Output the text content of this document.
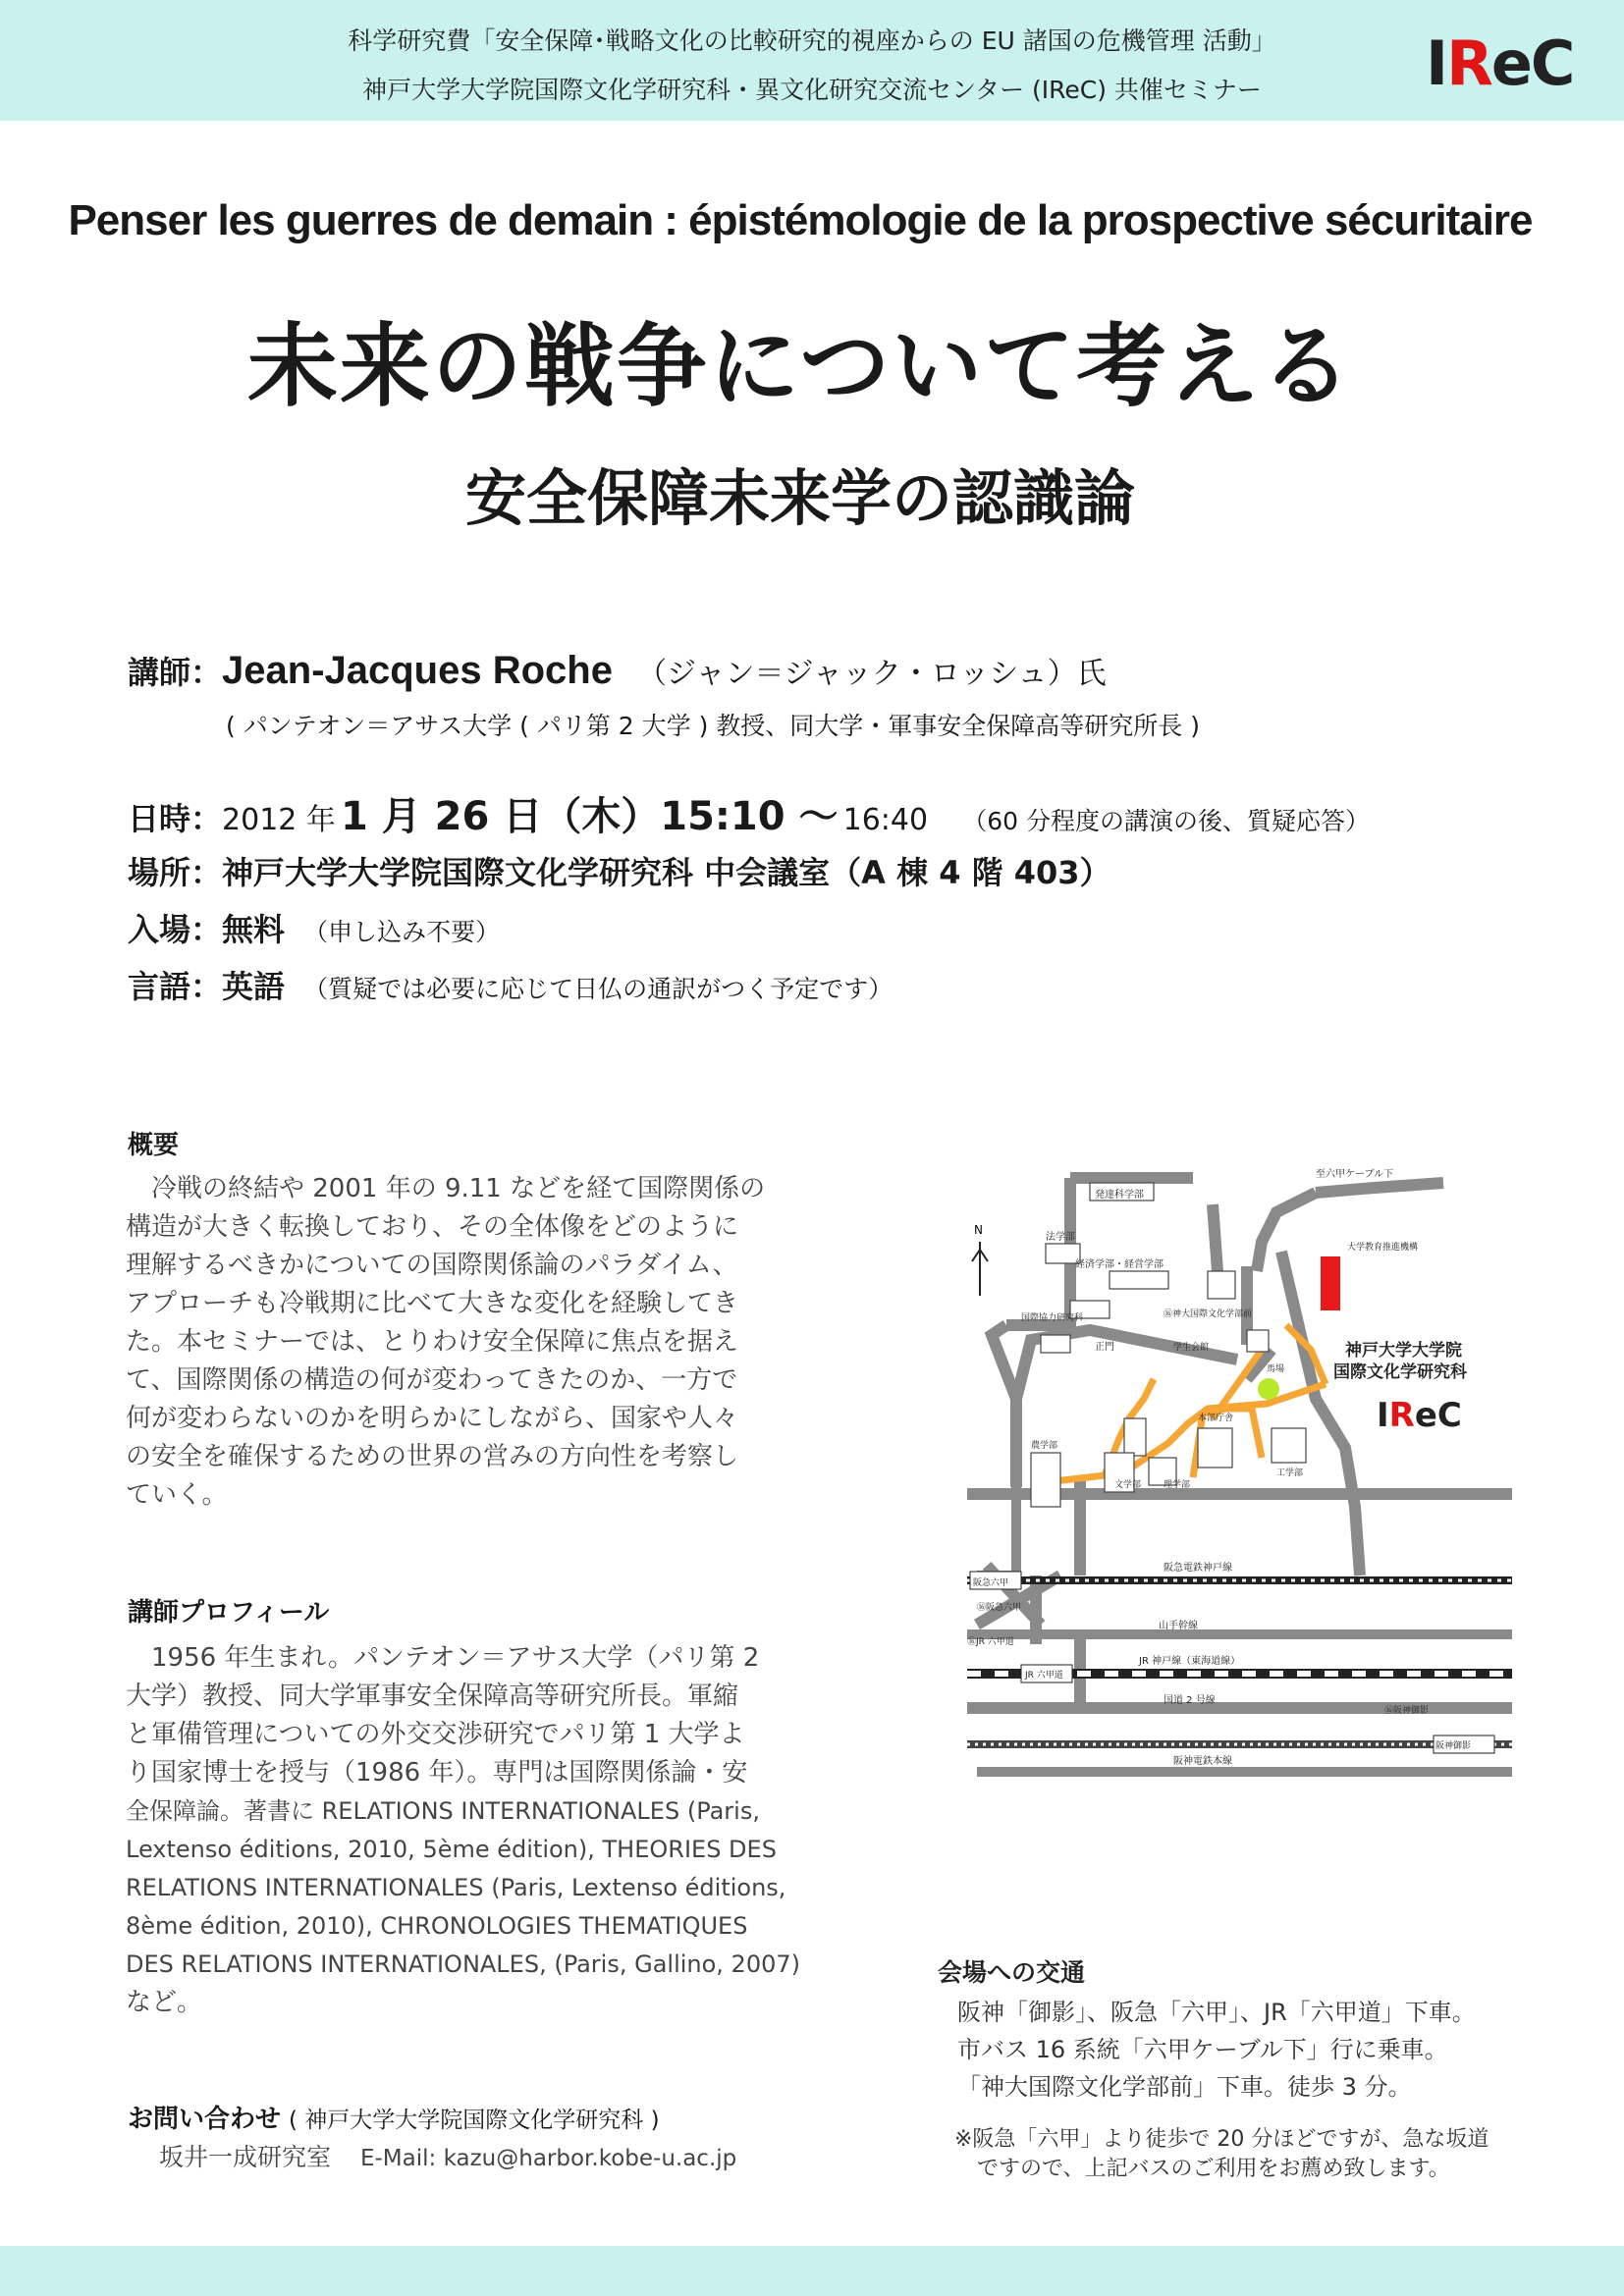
科学研究費「安全保障･戦略文化の比較研究的視座からの EU 諸国の危機管理 活動」
神戸大学大学院国際文化学研究科・異文化研究交流センター (IReC) 共催セミナー	IReC
Penser les guerres de demain : épistémologie de la prospective sécuritaire
未来の戦争について考える
安全保障未来学の認識論
講師：Jean-Jacques Roche （ジャン＝ジャック・ロッシュ）氏
( パンテオン＝アサス大学 ( パリ第 2 大学 ) 教授、同大学・軍事安全保障高等研究所長 )
日時：2012 年 1 月 26 日（木）15:10 ～ 16:40 （60 分程度の講演の後、質疑応答）
場所：神戸大学大学院国際文化学研究科 中会議室（A 棟 4 階 403）
入場：無料 （申し込み不要）
言語：英語 （質疑では必要に応じて日仏の通訳がつく予定です）
概要
冷戦の終結や 2001 年の 9.11 などを経て国際関係の
構造が大きく転換しており、その全体像をどのように
理解するべきかについての国際関係論のパラダイム、
アプローチも冷戦期に比べて大きな変化を経験してき
た。本セミナーでは、とりわけ安全保障に焦点を据え
て、国際関係の構造の何が変わってきたのか、一方で
何が変わらないのかを明らかにしながら、国家や人々
の安全を確保するための世界の営みの方向性を考察し
ていく。
講師プロフィール
1956 年生まれ。パンテオン＝アサス大学（パリ第 2
大学）教授、同大学軍事安全保障高等研究所長。軍縮
と軍備管理についての外交交渉研究でパリ第 1 大学よ
り国家博士を授与（1986 年）。専門は国際関係論・安
全保障論。著書に RELATIONS INTERNATIONALES (Paris,
Lextenso éditions, 2010, 5ème édition), THEORIES DES
RELATIONS INTERNATIONALES (Paris, Lextenso éditions,
8ème édition, 2010), CHRONOLOGIES THEMATIQUES
DES RELATIONS INTERNATIONALES, (Paris, Gallino, 2007)
など。
お問い合わせ ( 神戸大学大学院国際文化学研究科 )
坂井一成研究室 E-Mail: kazu@harbor.kobe-u.ac.jp
N
発達科学部
至六甲ケーブル下
法学部
経済学部・経営学部
大学教育推進機構
国際協力研究科	⑯神大国際文化学部前
正門	学生会館
馬場
本部庁舎
農学部
文学部	理学部
工学部
阪急電鉄神戸線
阪急六甲
⑯阪急六甲
山手幹線
⑯JR 六甲道
JR 神戸線（東海道線）
JR 六甲道
国道 2 号線
⑯阪神御影
阪神御影
阪神電鉄本線
神戸大学大学院
国際文化学研究科
IReC
会場への交通
阪神「御影」、阪急「六甲」、JR「六甲道」下車。
市バス 16 系統「六甲ケーブル下」行に乗車。
「神大国際文化学部前」下車。徒歩 3 分。
※阪急「六甲」より徒歩で 20 分ほどですが、急な坂道
ですので、上記バスのご利用をお薦め致します。
